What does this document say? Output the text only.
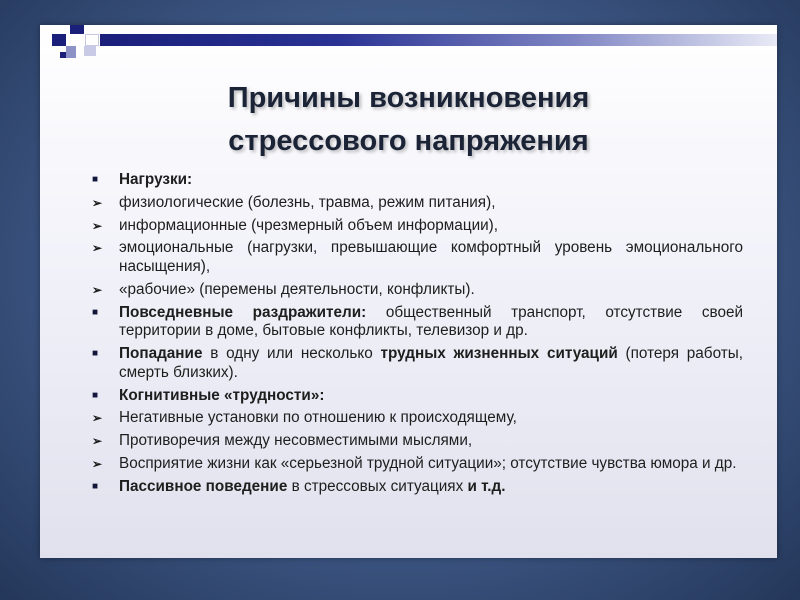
Причины возникновения
стрессового напряжения
■ Нагрузки:
➢ физиологические (болезнь, травма, режим питания),
➢ информационные (чрезмерный объем информации),
➢ эмоциональные (нагрузки, превышающие комфортный уровень эмоционального насыщения),
➢ «рабочие» (перемены деятельности, конфликты).
■ Повседневные раздражители: общественный транспорт, отсутствие своей территории в доме, бытовые конфликты, телевизор и др.
■ Попадание в одну или несколько трудных жизненных ситуаций (потеря работы, смерть близких).
■ Когнитивные «трудности»:
➢ Негативные установки по отношению к происходящему,
➢ Противоречия между несовместимыми мыслями,
➢ Восприятие жизни как «серьезной трудной ситуации»; отсутствие чувства юмора и др.
■ Пассивное поведение в стрессовых ситуациях и т.д.
